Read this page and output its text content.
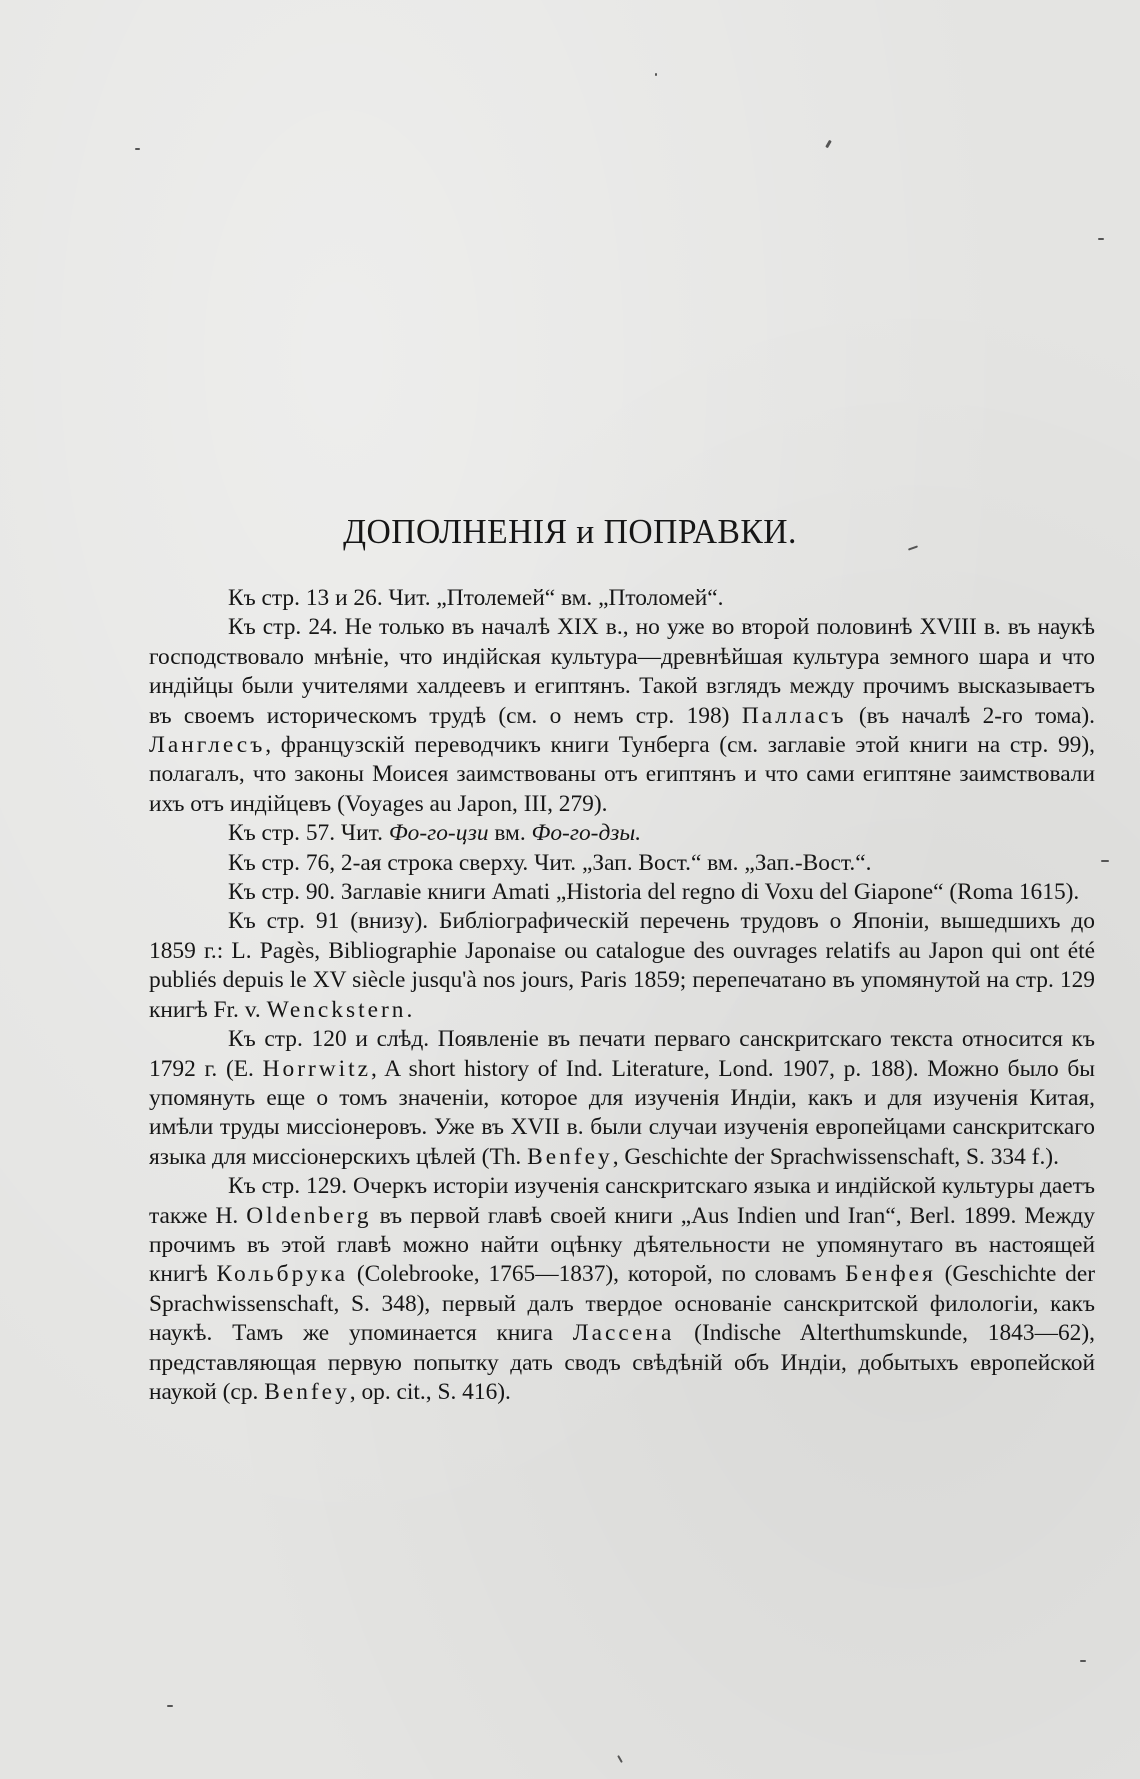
ДОПОЛНЕНІЯ и ПОПРАВКИ.

Къ стр. 13 и 26. Чит. „Птолемей“ вм. „Птоломей“.

Къ стр. 24. Не только въ началѣ XIX в., но уже во второй половинѣ XVIII в. въ наукѣ господствовало мнѣніе, что индійская культура—древнѣйшая культура земного шара и что индійцы были учителями халдеевъ и египтянъ. Такой взглядъ между прочимъ высказываетъ въ своемъ историческомъ трудѣ (см. о немъ стр. 198) Палласъ (въ началѣ 2-го тома). Ланглесъ, французскій переводчикъ книги Тунберга (см. заглавіе этой книги на стр. 99), полагалъ, что законы Моисея заимствованы отъ египтянъ и что сами египтяне заимствовали ихъ отъ индійцевъ (Voyages au Japon, III, 279).

Къ стр. 57. Чит. Фо-го-цзи вм. Фо-го-дзы.

Къ стр. 76, 2-ая строка сверху. Чит. „Зап. Вост.“ вм. „Зап.-Вост.“.

Къ стр. 90. Заглавіе книги Amati „Historia del regno di Voxu del Giapone“ (Roma 1615).

Къ стр. 91 (внизу). Библіографическій перечень трудовъ о Японіи, вышедшихъ до 1859 г.: L. Pagès, Bibliographie Japonaise ou catalogue des ouvrages relatifs au Japon qui ont été publiés depuis le XV siècle jusqu'à nos jours, Paris 1859; перепечатано въ упомянутой на стр. 129 книгѣ Fr. v. Wenckstern.

Къ стр. 120 и слѣд. Появленіе въ печати перваго санскритскаго текста относится къ 1792 г. (E. Horrwitz, A short history of Ind. Literature, Lond. 1907, p. 188). Можно было бы упомянуть еще о томъ значеніи, которое для изученія Индіи, какъ и для изученія Китая, имѣли труды миссіонеровъ. Уже въ XVII в. были случаи изученія европейцами санскритскаго языка для миссіонерскихъ цѣлей (Th. Benfey, Geschichte der Sprachwissenschaft, S. 334 f.).

Къ стр. 129. Очеркъ исторіи изученія санскритскаго языка и индійской культуры даетъ также H. Oldenberg въ первой главѣ своей книги „Aus Indien und Iran“, Berl. 1899. Между прочимъ въ этой главѣ можно найти оцѣнку дѣятельности не упомянутаго въ настоящей книгѣ Кольбрука (Colebrooke, 1765—1837), которой, по словамъ Бенфея (Geschichte der Sprachwissenschaft, S. 348), первый далъ твердое основаніе санскритской филологіи, какъ наукѣ. Тамъ же упоминается книга Лассена (Indische Alterthumskunde, 1843—62), представляющая первую попытку дать сводъ свѣдѣній объ Индіи, добытыхъ европейской наукой (ср. Benfey, op. cit., S. 416).
